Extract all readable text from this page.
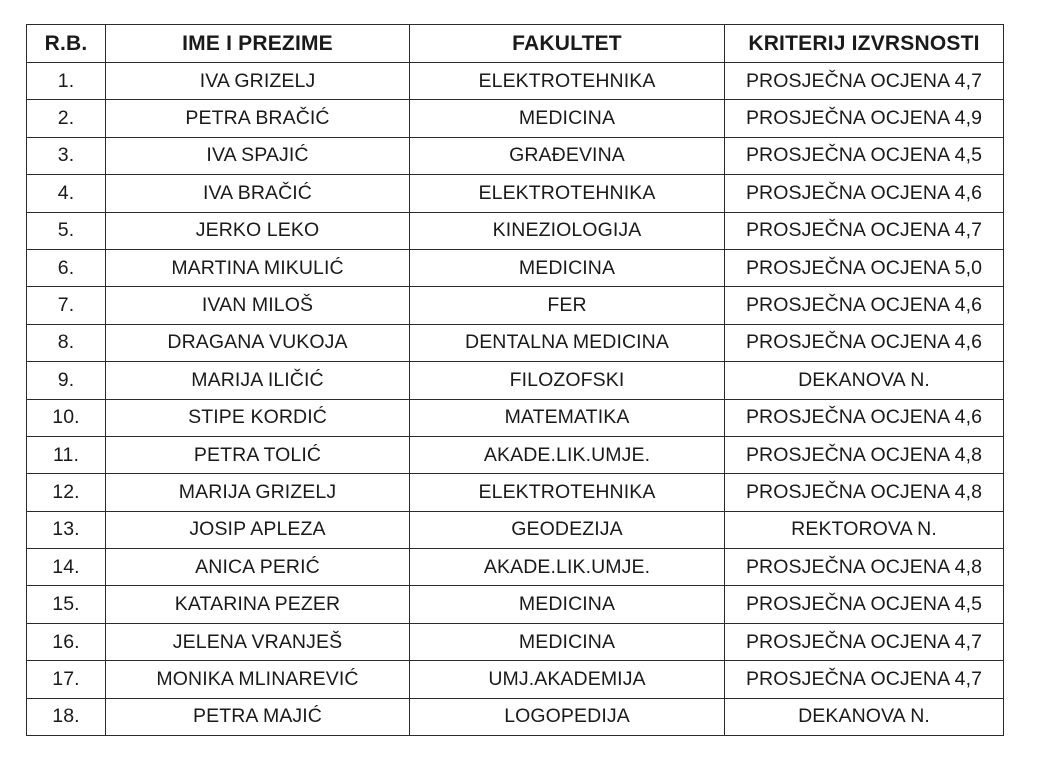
R.B.	IME I PREZIME	FAKULTET	KRITERIJ IZVRSNOSTI
1.	IVA GRIZELJ	ELEKTROTEHNIKA	PROSJEČNA OCJENA 4,7
2.	PETRA BRAČIĆ	MEDICINA	PROSJEČNA OCJENA 4,9
3.	IVA SPAJIĆ	GRAĐEVINA	PROSJEČNA OCJENA 4,5
4.	IVA BRAČIĆ	ELEKTROTEHNIKA	PROSJEČNA OCJENA 4,6
5.	JERKO LEKO	KINEZIOLOGIJA	PROSJEČNA OCJENA 4,7
6.	MARTINA MIKULIĆ	MEDICINA	PROSJEČNA OCJENA 5,0
7.	IVAN MILOŠ	FER	PROSJEČNA OCJENA 4,6
8.	DRAGANA VUKOJA	DENTALNA MEDICINA	PROSJEČNA OCJENA 4,6
9.	MARIJA ILIČIĆ	FILOZOFSKI	DEKANOVA N.
10.	STIPE KORDIĆ	MATEMATIKA	PROSJEČNA OCJENA 4,6
11.	PETRA TOLIĆ	AKADE.LIK.UMJE.	PROSJEČNA OCJENA 4,8
12.	MARIJA GRIZELJ	ELEKTROTEHNIKA	PROSJEČNA OCJENA 4,8
13.	JOSIP APLEZA	GEODEZIJA	REKTOROVA N.
14.	ANICA PERIĆ	AKADE.LIK.UMJE.	PROSJEČNA OCJENA 4,8
15.	KATARINA PEZER	MEDICINA	PROSJEČNA OCJENA 4,5
16.	JELENA VRANJEŠ	MEDICINA	PROSJEČNA OCJENA 4,7
17.	MONIKA MLINAREVIĆ	UMJ.AKADEMIJA	PROSJEČNA OCJENA 4,7
18.	PETRA MAJIĆ	LOGOPEDIJA	DEKANOVA N.
